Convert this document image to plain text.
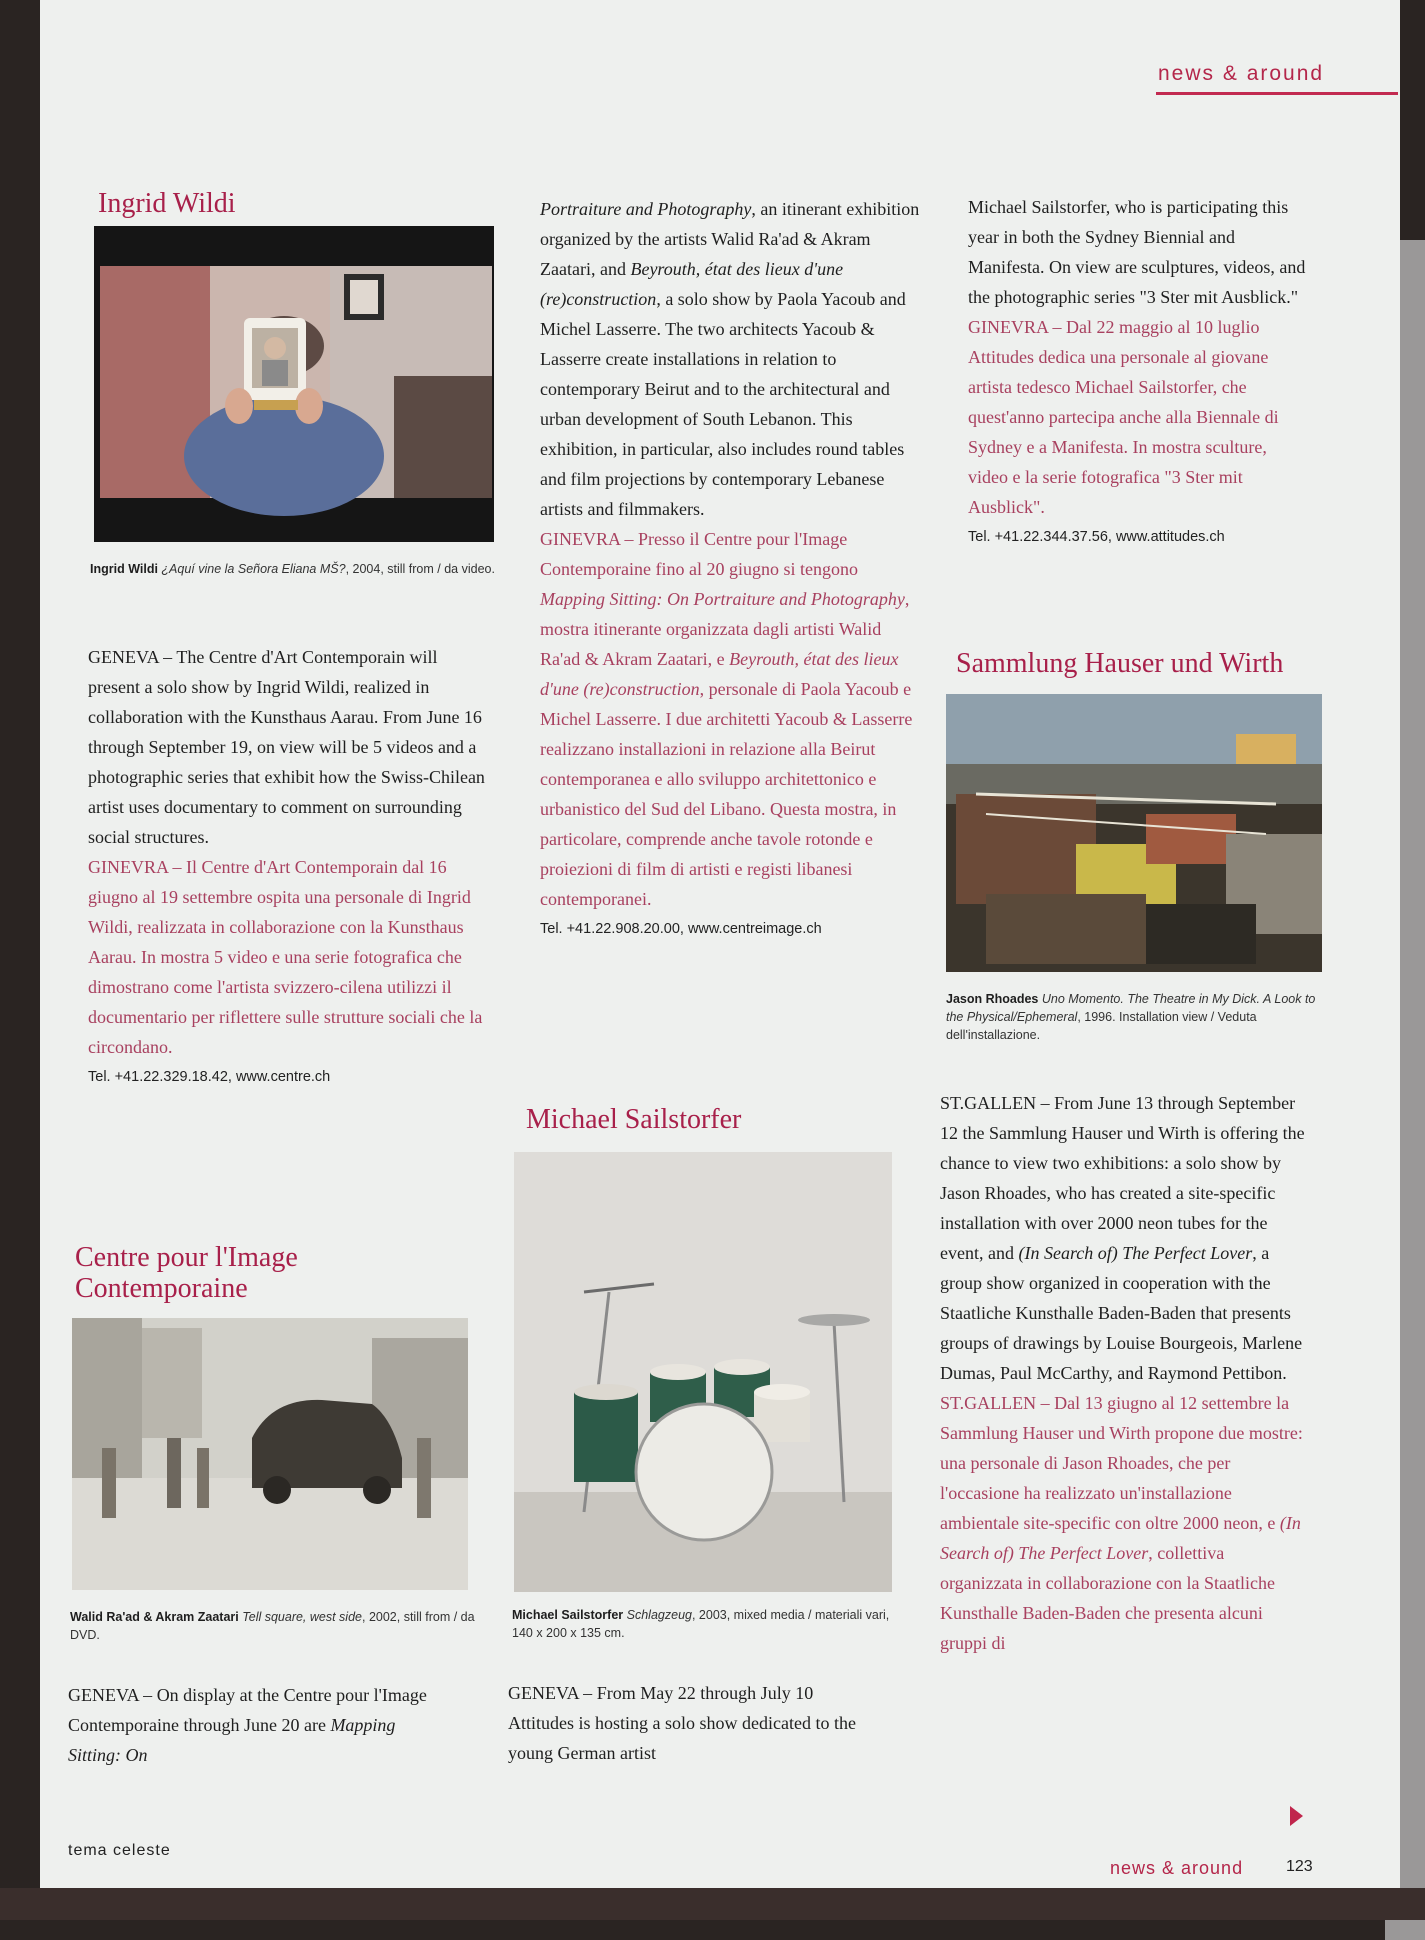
news & around
Ingrid Wildi
Ingrid Wildi ¿Aquí vine la Señora Eliana MŠ?, 2004, still from / da video.

GENEVA – The Centre d'Art Contemporain will present a solo show by Ingrid Wildi, realized in collaboration with the Kunsthaus Aarau. From June 16 through September 19, on view will be 5 videos and a photographic series that exhibit how the Swiss-Chilean artist uses documentary to comment on surrounding social structures.

GINEVRA – Il Centre d'Art Contemporain dal 16 giugno al 19 settembre ospita una personale di Ingrid Wildi, realizzata in collaborazione con la Kunsthaus Aarau. In mostra 5 video e una serie fotografica che dimostrano come l'artista svizzero-cilena utilizzi il documentario per riflettere sulle strutture sociali che la circondano.

Tel. +41.22.329.18.42, www.centre.ch

Centre pour l'Image
Contemporaine
Walid Ra'ad & Akram Zaatari Tell square, west side, 2002, still from / da DVD.

GENEVA – On display at the Centre pour l'Image Contemporaine through June 20 are Mapping Sitting: On

Portraiture and Photography, an itinerant exhibition organized by the artists Walid Ra'ad & Akram Zaatari, and Beyrouth, état des lieux d'une (re)construction, a solo show by Paola Yacoub and Michel Lasserre. The two architects Yacoub & Lasserre create installations in relation to contemporary Beirut and to the architectural and urban development of South Lebanon. This exhibition, in particular, also includes round tables and film projections by contemporary Lebanese artists and filmmakers.

GINEVRA – Presso il Centre pour l'Image Contemporaine fino al 20 giugno si tengono Mapping Sitting: On Portraiture and Photography, mostra itinerante organizzata dagli artisti Walid Ra'ad & Akram Zaatari, e Beyrouth, état des lieux d'une (re)construction, personale di Paola Yacoub e Michel Lasserre. I due architetti Yacoub & Lasserre realizzano installazioni in relazione alla Beirut contemporanea e allo sviluppo architettonico e urbanistico del Sud del Libano. Questa mostra, in particolare, comprende anche tavole rotonde e proiezioni di film di artisti e registi libanesi contemporanei.

Tel. +41.22.908.20.00, www.centreimage.ch

Michael Sailstorfer
Michael Sailstorfer Schlagzeug, 2003, mixed media / materiali vari, 140 x 200 x 135 cm.

GENEVA – From May 22 through July 10 Attitudes is hosting a solo show dedicated to the young German artist

Michael Sailstorfer, who is participating this year in both the Sydney Biennial and Manifesta. On view are sculptures, videos, and the photographic series "3 Ster mit Ausblick."

GINEVRA – Dal 22 maggio al 10 luglio Attitudes dedica una personale al giovane artista tedesco Michael Sailstorfer, che quest'anno partecipa anche alla Biennale di Sydney e a Manifesta. In mostra sculture, video e la serie fotografica "3 Ster mit Ausblick".

Tel. +41.22.344.37.56, www.attitudes.ch

Sammlung Hauser und Wirth
Jason Rhoades Uno Momento. The Theatre in My Dick. A Look to the Physical/Ephemeral, 1996. Installation view / Veduta dell'installazione.

ST.GALLEN – From June 13 through September 12 the Sammlung Hauser und Wirth is offering the chance to view two exhibitions: a solo show by Jason Rhoades, who has created a site-specific installation with over 2000 neon tubes for the event, and (In Search of) The Perfect Lover, a group show organized in cooperation with the Staatliche Kunsthalle Baden-Baden that presents groups of drawings by Louise Bourgeois, Marlene Dumas, Paul McCarthy, and Raymond Pettibon.

ST.GALLEN – Dal 13 giugno al 12 settembre la Sammlung Hauser und Wirth propone due mostre: una personale di Jason Rhoades, che per l'occasione ha realizzato un'installazione ambientale site-specific con oltre 2000 neon, e (In Search of) The Perfect Lover, collettiva organizzata in collaborazione con la Staatliche Kunsthalle Baden-Baden che presenta alcuni gruppi di

tema celeste
news & around	123
